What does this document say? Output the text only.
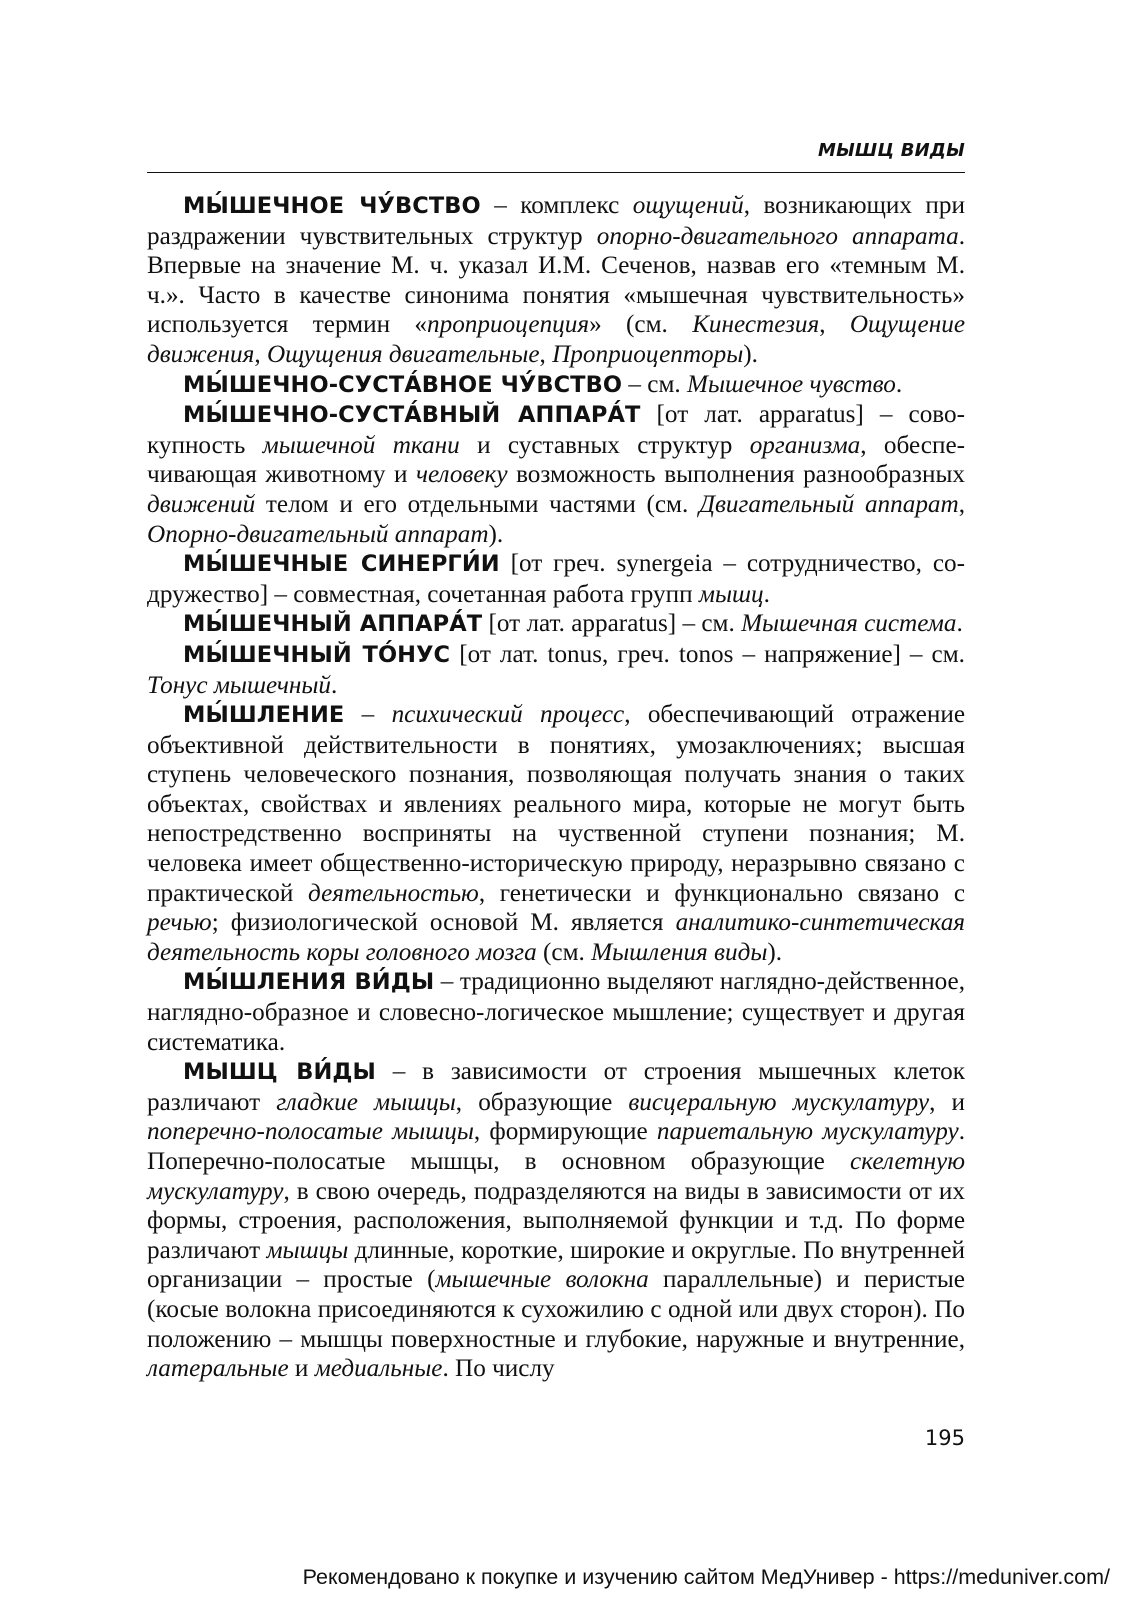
МЫШЦ ВИДЫ

МЫ́ШЕЧНОЕ ЧУ́ВСТВО – комплекс ощущений, возникающих при раздражении чувствительных структур опорно-двигательного аппарата. Впервые на значение М. ч. указал И.М. Сеченов, назвав его «темным М. ч.». Часто в качестве синонима понятия «мышечная чувствительность» используется термин «проприоцепция» (см. Кинестезия, Ощущение движения, Ощущения двигательные, Проприоцепторы).

МЫ́ШЕЧНО-СУСТА́ВНОЕ ЧУ́ВСТВО – см. Мышечное чувство.

МЫ́ШЕЧНО-СУСТА́ВНЫЙ АППАРА́Т [от лат. apparatus] – совокупность мышечной ткани и суставных структур организма, обеспечивающая животному и человеку возможность выполнения разнообразных движений телом и его отдельными частями (см. Двигательный аппарат, Опорно-двигательный аппарат).

МЫ́ШЕЧНЫЕ СИНЕРГИ́И [от греч. synergeia – сотрудничество, содружество] – совместная, сочетанная работа групп мышц.

МЫ́ШЕЧНЫЙ АППАРА́Т [от лат. apparatus] – см. Мышечная система.

МЫ́ШЕЧНЫЙ ТО́НУС [от лат. tonus, греч. tonos – напряжение] – см. Тонус мышечный.

МЫ́ШЛЕНИЕ – психический процесс, обеспечивающий отражение объективной действительности в понятиях, умозаключениях; высшая ступень человеческого познания, позволяющая получать знания о таких объектах, свойствах и явлениях реального мира, которые не могут быть непостредственно восприняты на чуственной ступени познания; М. человека имеет общественно-историческую природу, неразрывно связано с практической деятельностью, генетически и функционально связано с речью; физиологической основой М. является аналитико-синтетическая деятельность коры головного мозга (см. Мышления виды).

МЫ́ШЛЕНИЯ ВИ́ДЫ – традиционно выделяют наглядно-действенное, наглядно-образное и словесно-логическое мышление; существует и другая систематика.

МЫШЦ ВИ́ДЫ – в зависимости от строения мышечных клеток различают гладкие мышцы, образующие висцеральную мускулатуру, и поперечно-полосатые мышцы, формирующие париетальную мускулатуру. Поперечно-полосатые мышцы, в основном образующие скелетную мускулатуру, в свою очередь, подразделяются на виды в зависимости от их формы, строения, расположения, выполняемой функции и т.д. По форме различают мышцы длинные, короткие, широкие и округлые. По внутренней организации – простые (мышечные волокна параллельные) и перистые (косые волокна присоединяются к сухожилию с одной или двух сторон). По положению – мышцы поверхностные и глубокие, наружные и внутренние, латеральные и медиальные. По числу

195
Рекомендовано к покупке и изучению сайтом МедУнивер - https://meduniver.com/
